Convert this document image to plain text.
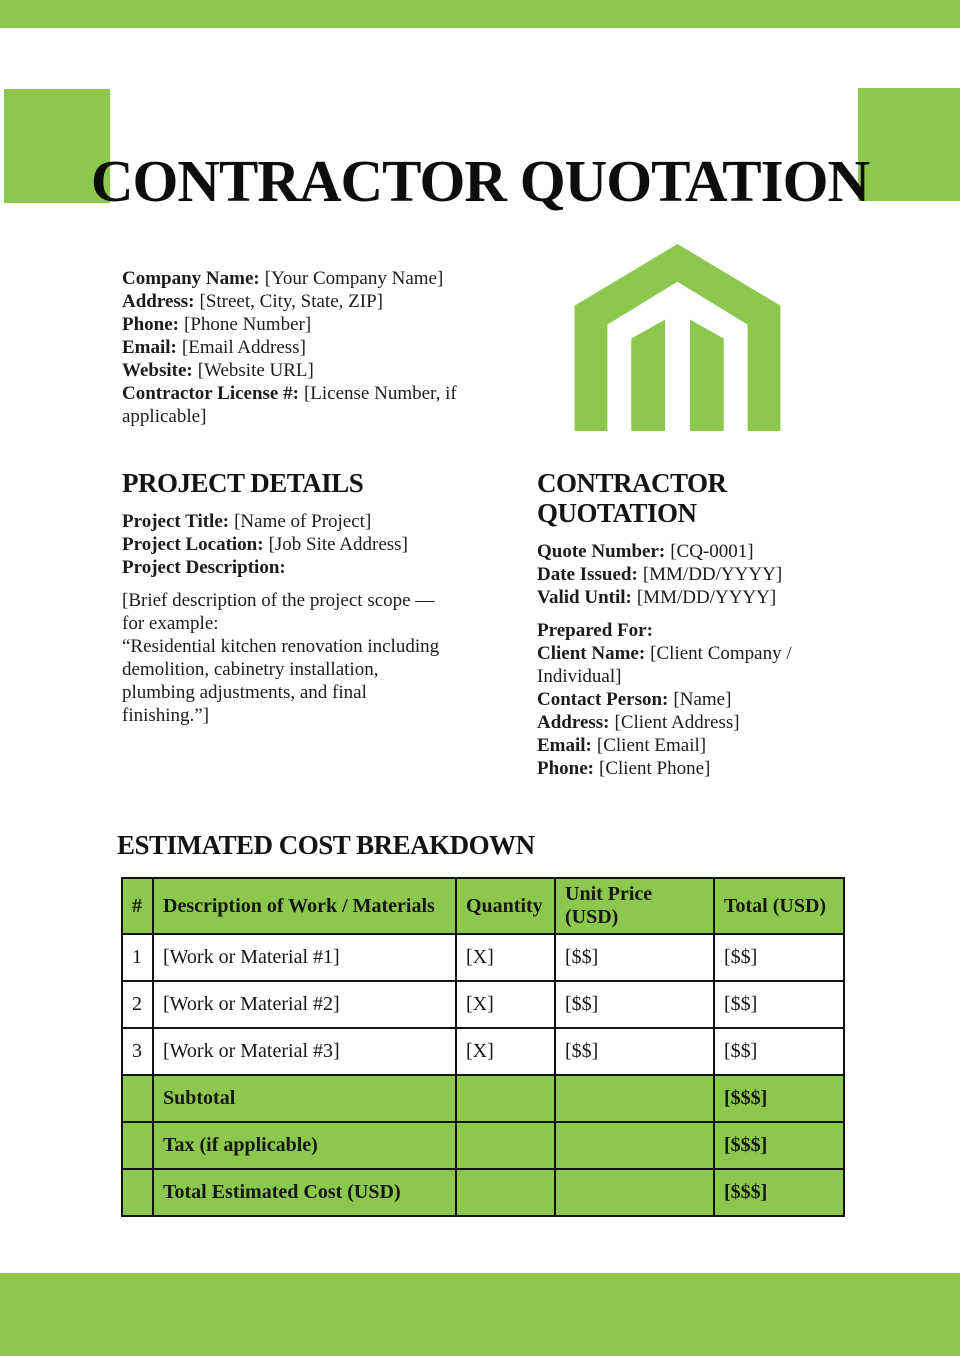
CONTRACTOR QUOTATION
Company Name: [Your Company Name]
Address: [Street, City, State, ZIP]
Phone: [Phone Number]
Email: [Email Address]
Website: [Website URL]
Contractor License #: [License Number, if applicable]
PROJECT DETAILS
Project Title: [Name of Project]
Project Location: [Job Site Address]
Project Description:
[Brief description of the project scope —
for example:
“Residential kitchen renovation including
demolition, cabinetry installation,
plumbing adjustments, and final
finishing.”]
CONTRACTOR QUOTATION
Quote Number: [CQ-0001]
Date Issued: [MM/DD/YYYY]
Valid Until: [MM/DD/YYYY]
Prepared For:
Client Name: [Client Company / Individual]
Contact Person: [Name]
Address: [Client Address]
Email: [Client Email]
Phone: [Client Phone]
ESTIMATED COST BREAKDOWN
#	Description of Work / Materials	Quantity	Unit Price (USD)	Total (USD)
1	[Work or Material #1]	[X]	[$$]	[$$]
2	[Work or Material #2]	[X]	[$$]	[$$]
3	[Work or Material #3]	[X]	[$$]	[$$]
	Subtotal			[$$$]
	Tax (if applicable)			[$$$]
	Total Estimated Cost (USD)			[$$$]
